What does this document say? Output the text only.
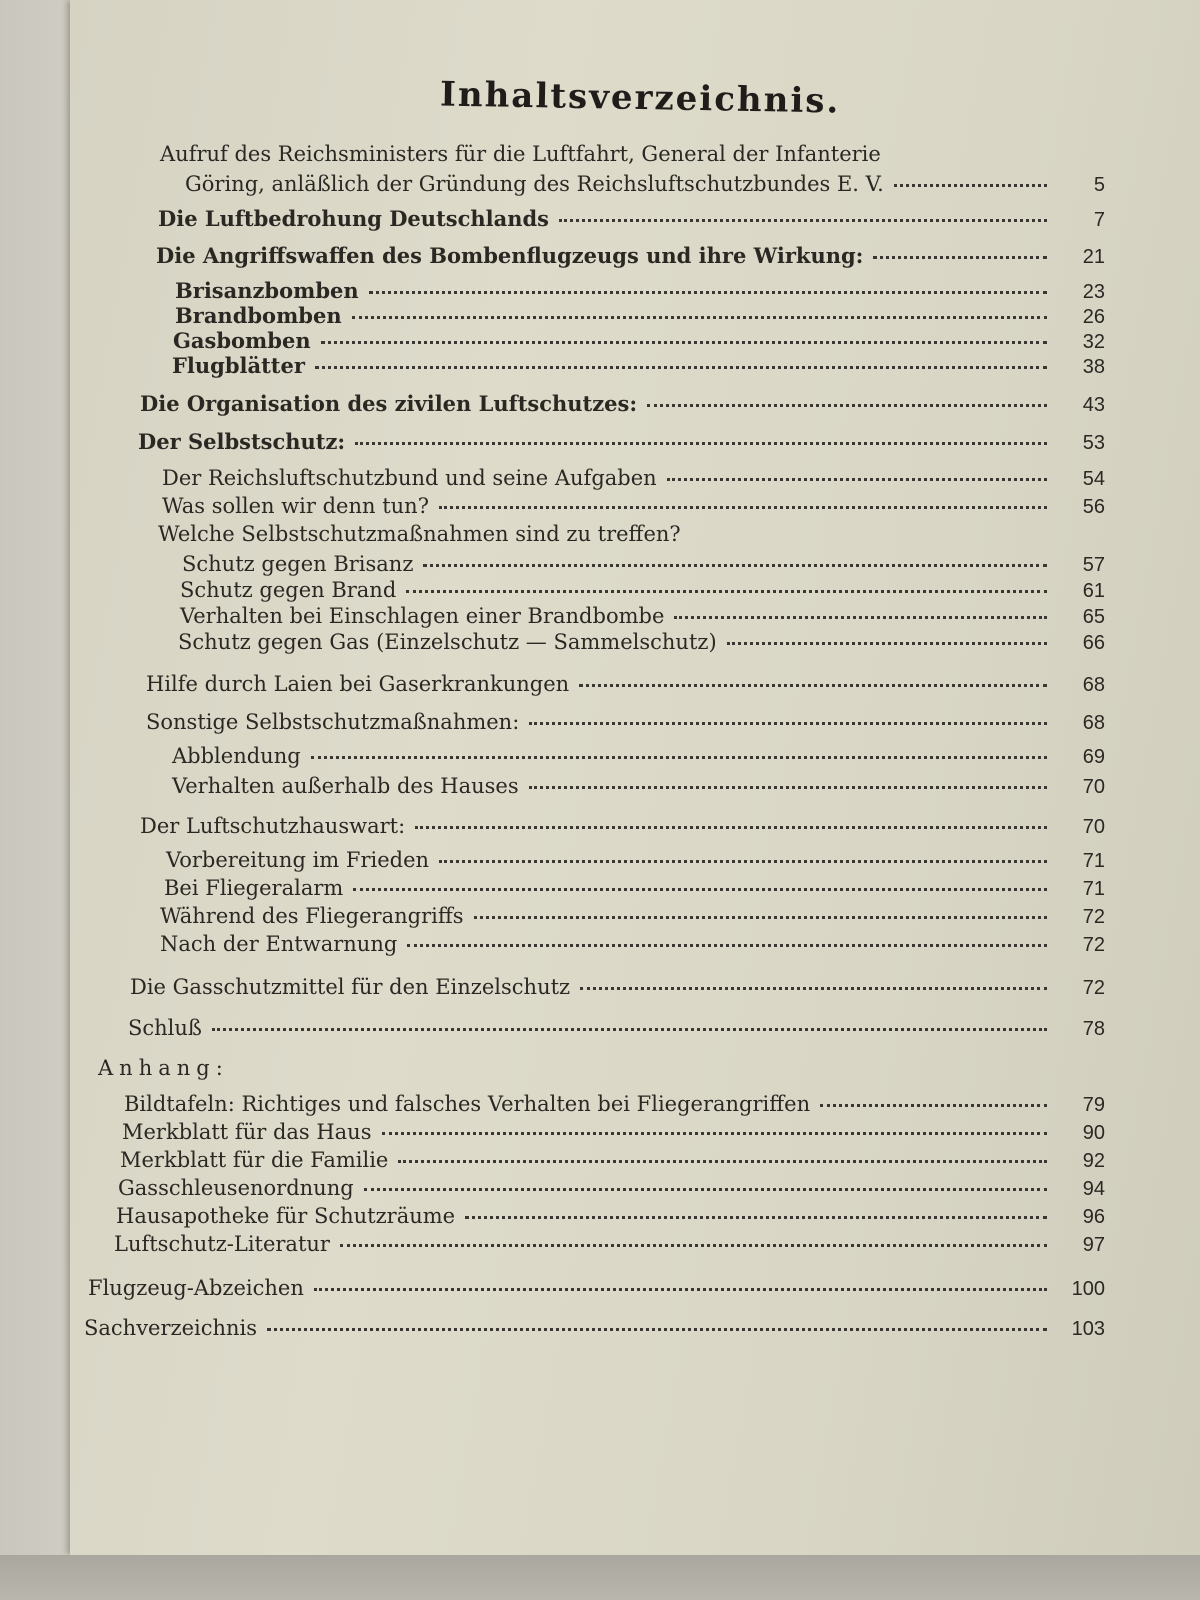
Inhaltsverzeichnis.
Aufruf des Reichsministers für die Luftfahrt, General der Infanterie
Göring, anläßlich der Gründung des Reichsluftschutzbundes E. V.	5
Die Luftbedrohung Deutschlands	7
Die Angriffswaffen des Bombenflugzeugs und ihre Wirkung:	21
Brisanzbomben	23
Brandbomben	26
Gasbomben	32
Flugblätter	38
Die Organisation des zivilen Luftschutzes:	43
Der Selbstschutz:	53
Der Reichsluftschutzbund und seine Aufgaben	54
Was sollen wir denn tun?	56
Welche Selbstschutzmaßnahmen sind zu treffen?
Schutz gegen Brisanz	57
Schutz gegen Brand	61
Verhalten bei Einschlagen einer Brandbombe	65
Schutz gegen Gas (Einzelschutz — Sammelschutz)	66
Hilfe durch Laien bei Gaserkrankungen	68
Sonstige Selbstschutzmaßnahmen:	68
Abblendung	69
Verhalten außerhalb des Hauses	70
Der Luftschutzhauswart:	70
Vorbereitung im Frieden	71
Bei Fliegeralarm	71
Während des Fliegerangriffs	72
Nach der Entwarnung	72
Die Gasschutzmittel für den Einzelschutz	72
Schluß	78
Anhang:
Bildtafeln: Richtiges und falsches Verhalten bei Fliegerangriffen	79
Merkblatt für das Haus	90
Merkblatt für die Familie	92
Gasschleusenordnung	94
Hausapotheke für Schutzräume	96
Luftschutz-Literatur	97
Flugzeug-Abzeichen	100
Sachverzeichnis	103
